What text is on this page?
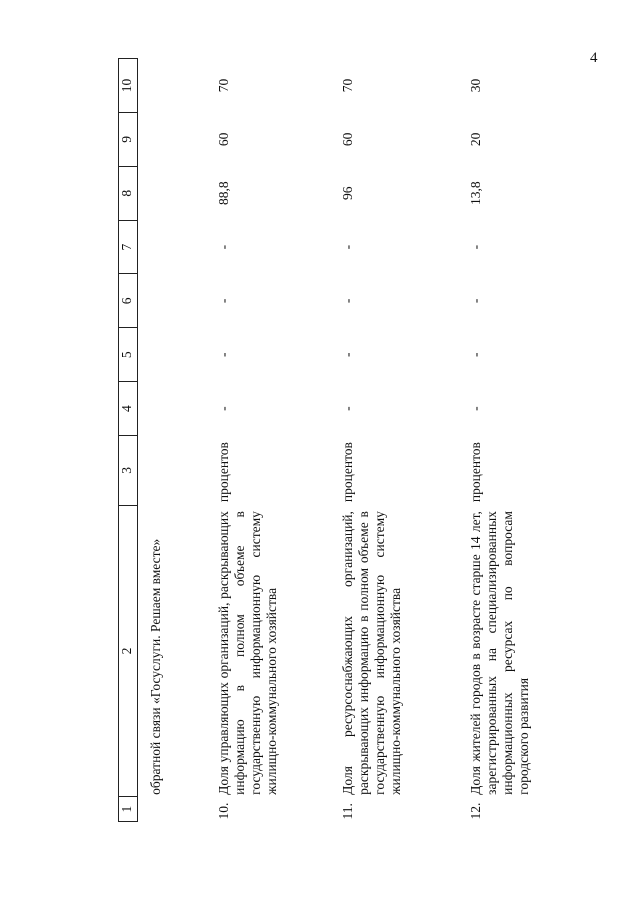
4
1	2	3	4	5	6	7	8	9	10
	обратной связи «Госуслуги. Решаем вместе»								
10.	Доля управляющих организаций, раскрывающих информацию в полном объеме в государственную информационную систему жилищно-коммунального хозяйства	процентов	-	-	-	-	88,8	60	70
11.	Доля ресурсоснабжающих организаций, раскрывающих информацию в полном объеме в государственную информационную систему жилищно-коммунального хозяйства	процентов	-	-	-	-	96	60	70
12.	Доля жителей городов в возрасте старше 14 лет, зарегистрированных на специализированных информационных ресурсах по вопросам городского развития	процентов	-	-	-	-	13,8	20	30
